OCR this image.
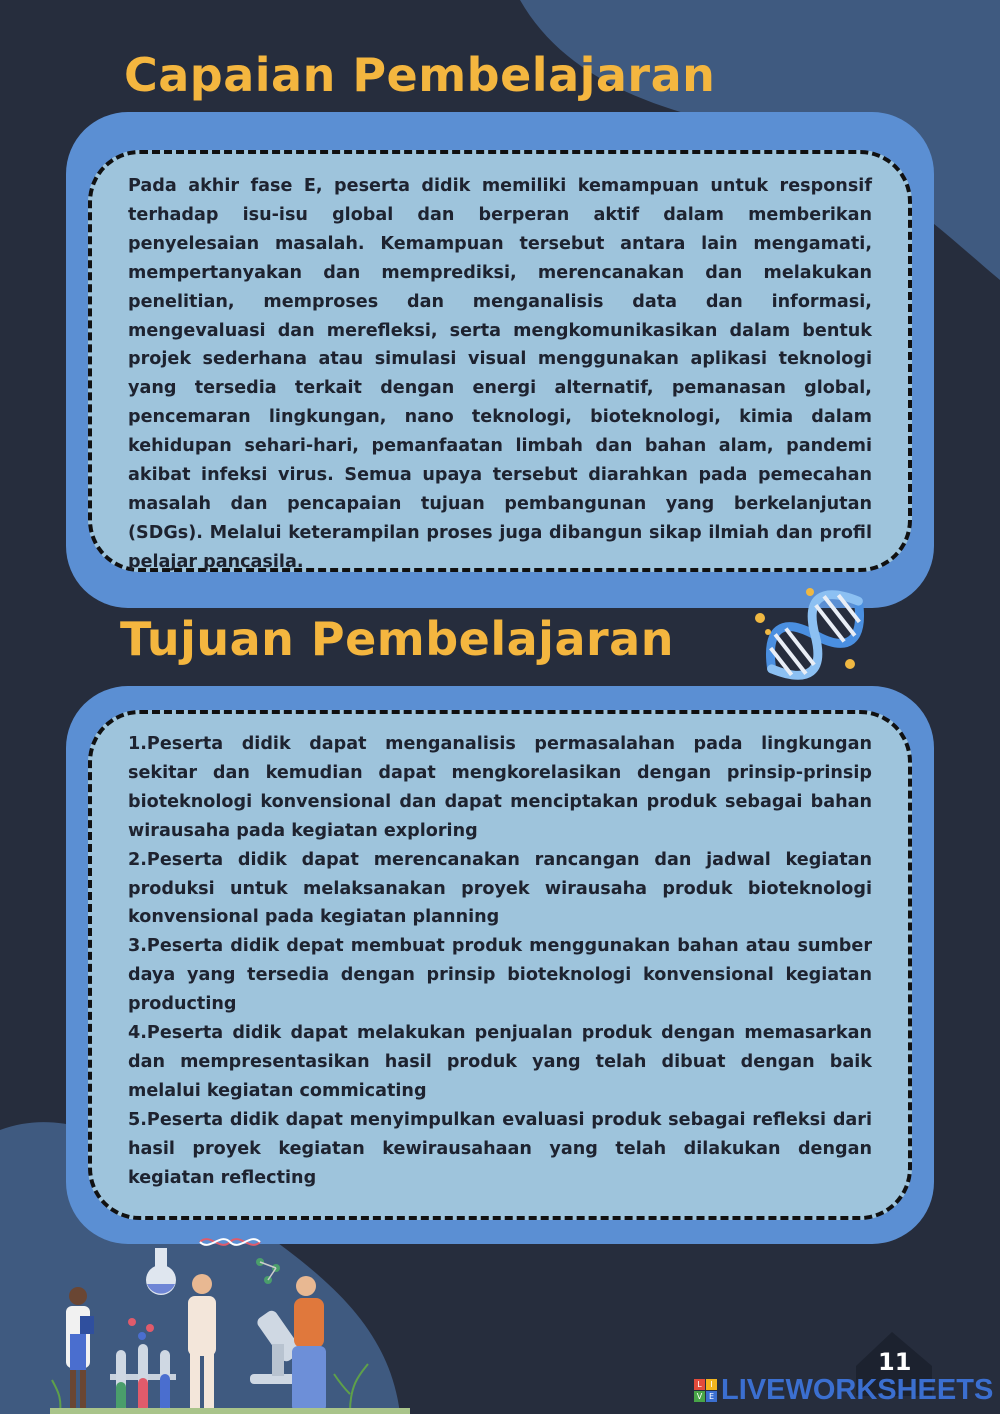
Capaian Pembelajaran

Pada akhir fase E, peserta didik memiliki kemampuan untuk responsif terhadap isu-isu global dan berperan aktif dalam memberikan penyelesaian masalah. Kemampuan tersebut antara lain mengamati, mempertanyakan dan memprediksi, merencanakan dan melakukan penelitian, memproses dan menganalisis data dan informasi, mengevaluasi dan merefleksi, serta mengkomunikasikan dalam bentuk projek sederhana atau simulasi visual menggunakan aplikasi teknologi yang tersedia terkait dengan energi alternatif, pemanasan global, pencemaran lingkungan, nano teknologi, bioteknologi, kimia dalam kehidupan sehari-hari, pemanfaatan limbah dan bahan alam, pandemi akibat infeksi virus. Semua upaya tersebut diarahkan pada pemecahan masalah dan pencapaian tujuan pembangunan yang berkelanjutan (SDGs). Melalui keterampilan proses juga dibangun sikap ilmiah dan profil pelajar pancasila.

Tujuan Pembelajaran

1.Peserta didik dapat menganalisis permasalahan pada lingkungan sekitar dan kemudian dapat mengkorelasikan dengan prinsip-prinsip bioteknologi konvensional dan dapat menciptakan produk sebagai bahan wirausaha pada kegiatan exploring

2.Peserta didik dapat merencanakan rancangan dan jadwal kegiatan produksi untuk melaksanakan proyek wirausaha produk bioteknologi konvensional pada kegiatan planning

3.Peserta didik depat membuat produk menggunakan bahan atau sumber daya yang tersedia dengan prinsip bioteknologi konvensional kegiatan producting

4.Peserta didik dapat melakukan penjualan produk dengan memasarkan dan mempresentasikan hasil produk yang telah dibuat dengan baik melalui kegiatan commicating

5.Peserta didik dapat menyimpulkan evaluasi produk sebagai refleksi dari hasil proyek kegiatan kewirausahaan yang telah dilakukan dengan kegiatan reflecting

11
L	I
V E LIVEWORKSHEETS
